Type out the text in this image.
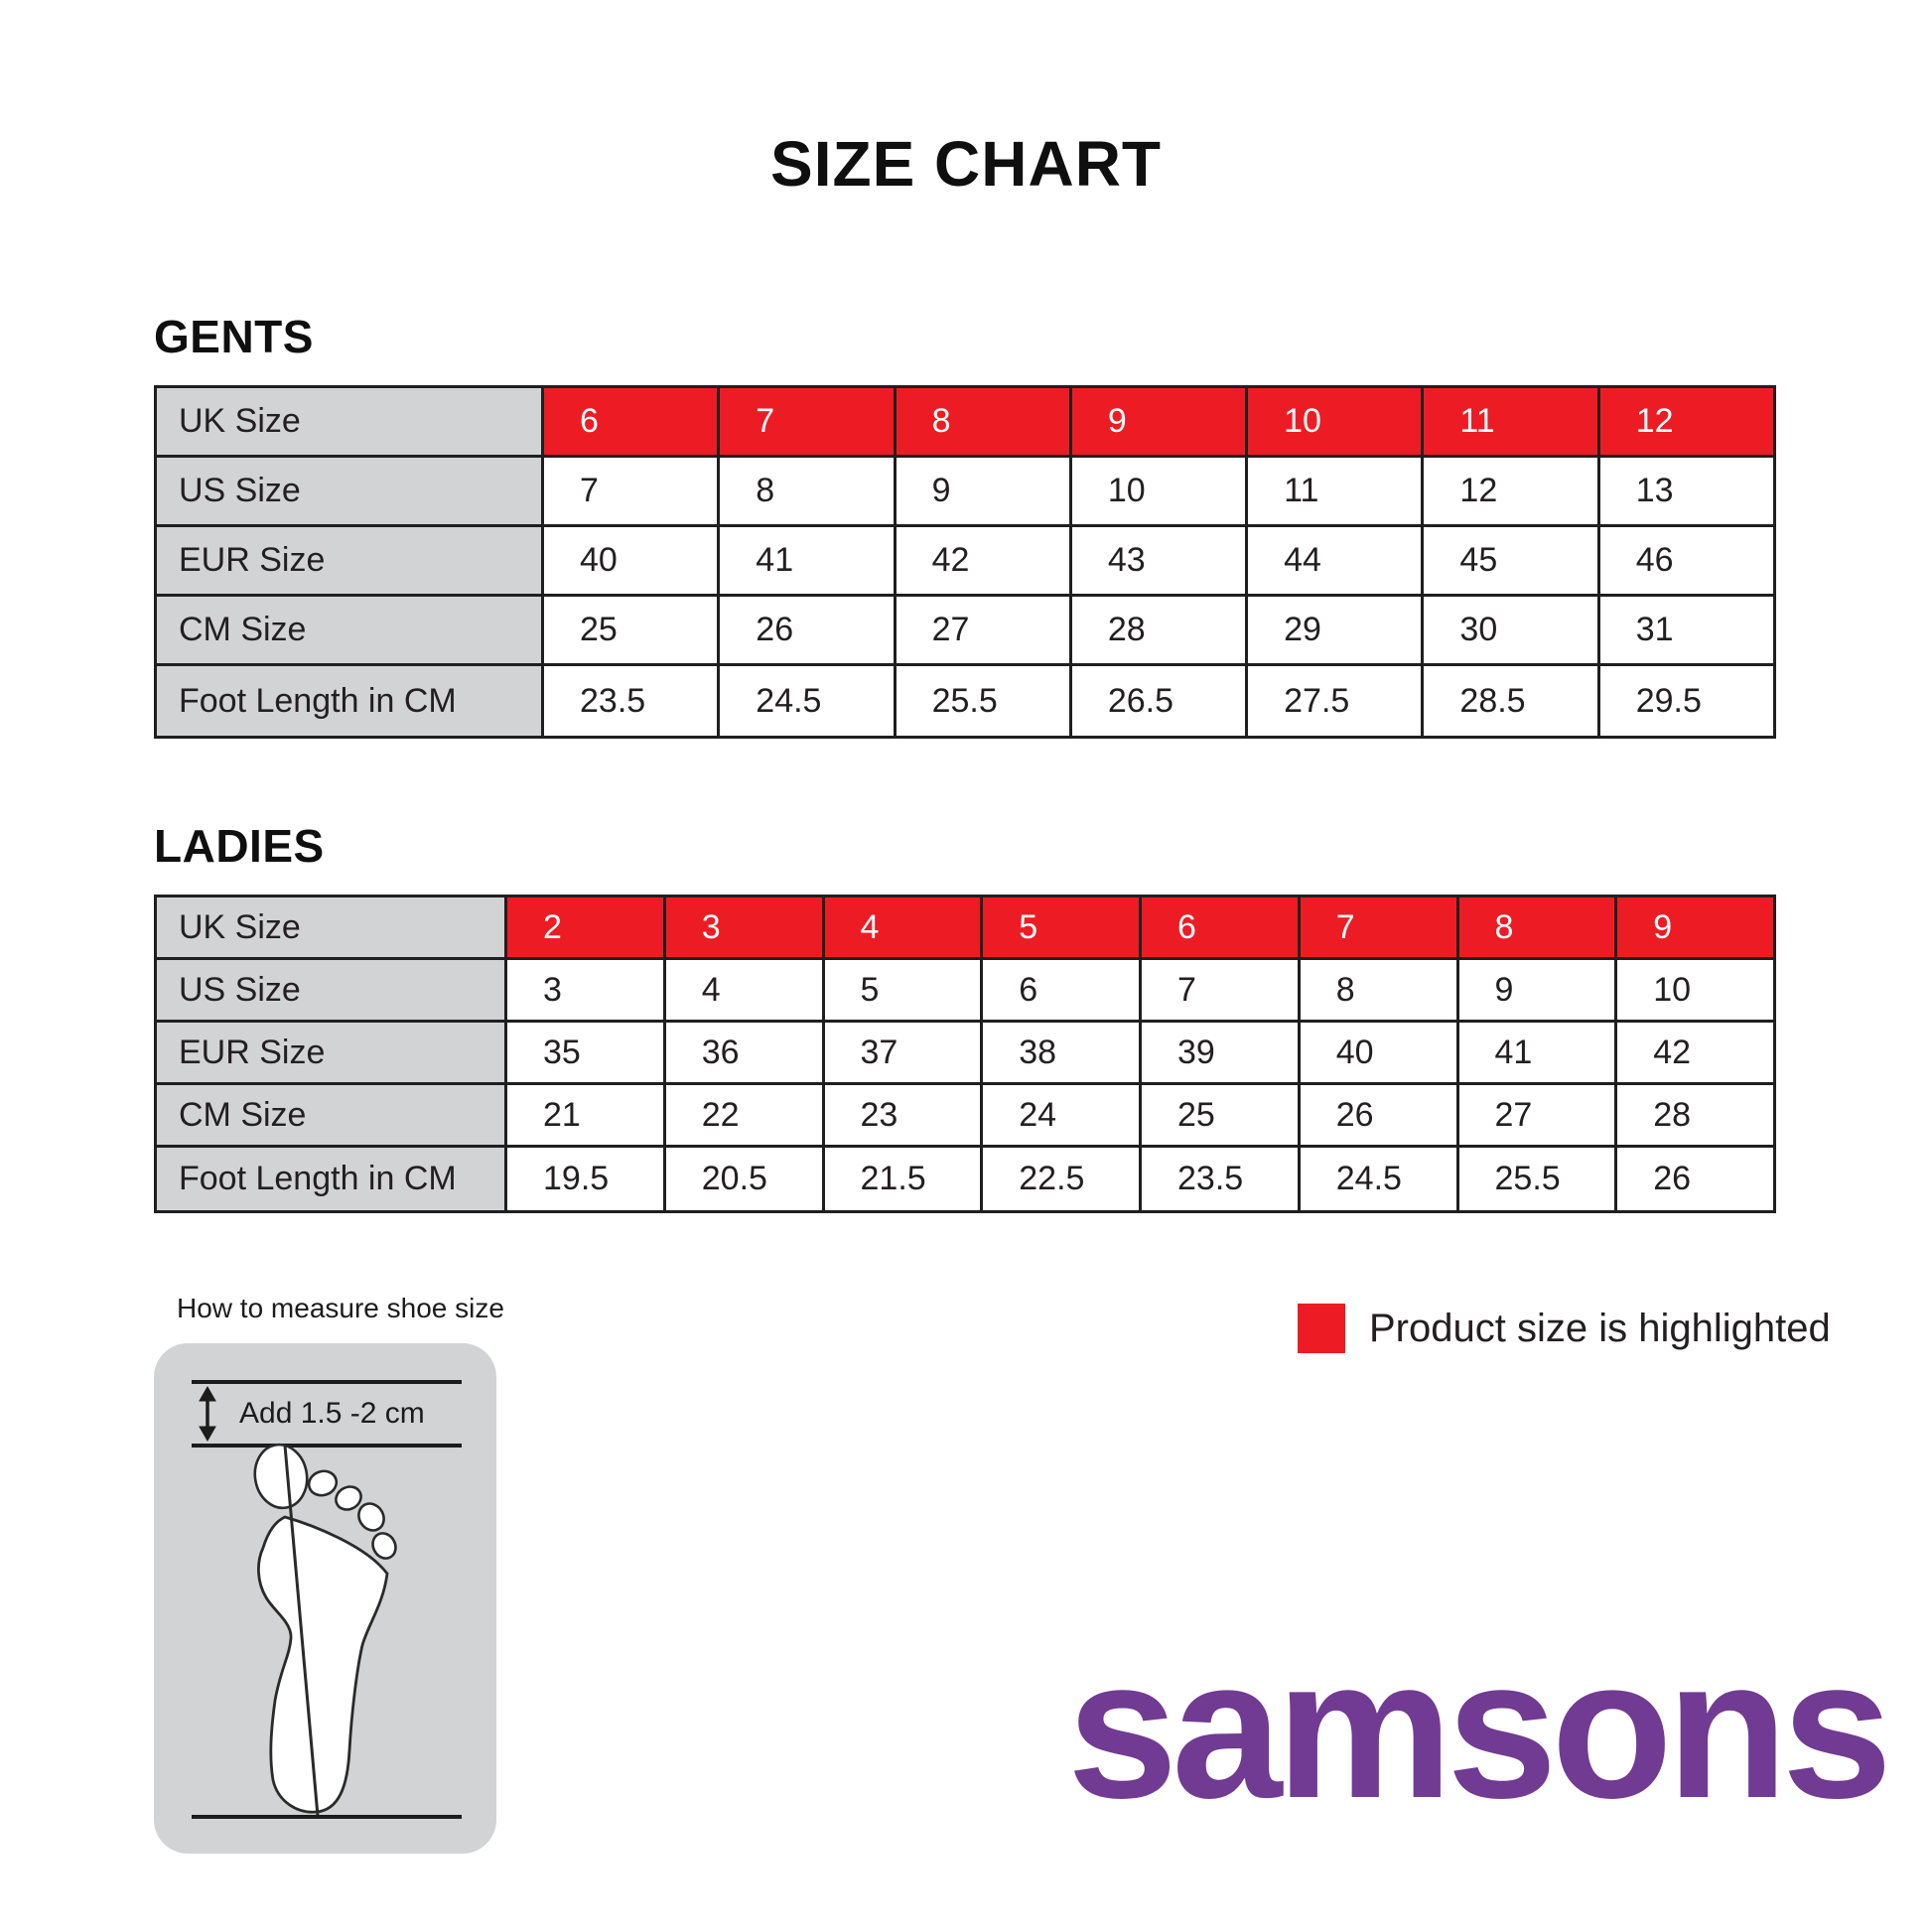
SIZE CHART
GENTS
UK Size	6	7	8	9	10	11	12
US Size	7	8	9	10	11	12	13
EUR Size	40	41	42	43	44	45	46
CM Size	25	26	27	28	29	30	31
Foot Length in CM	23.5	24.5	25.5	26.5	27.5	28.5	29.5
LADIES
UK Size	2	3	4	5	6	7	8	9
US Size	3	4	5	6	7	8	9	10
EUR Size	35	36	37	38	39	40	41	42
CM Size	21	22	23	24	25	26	27	28
Foot Length in CM	19.5	20.5	21.5	22.5	23.5	24.5	25.5	26
How to measure shoe size
Add 1.5 -2 cm
Product size is highlighted
samsons
